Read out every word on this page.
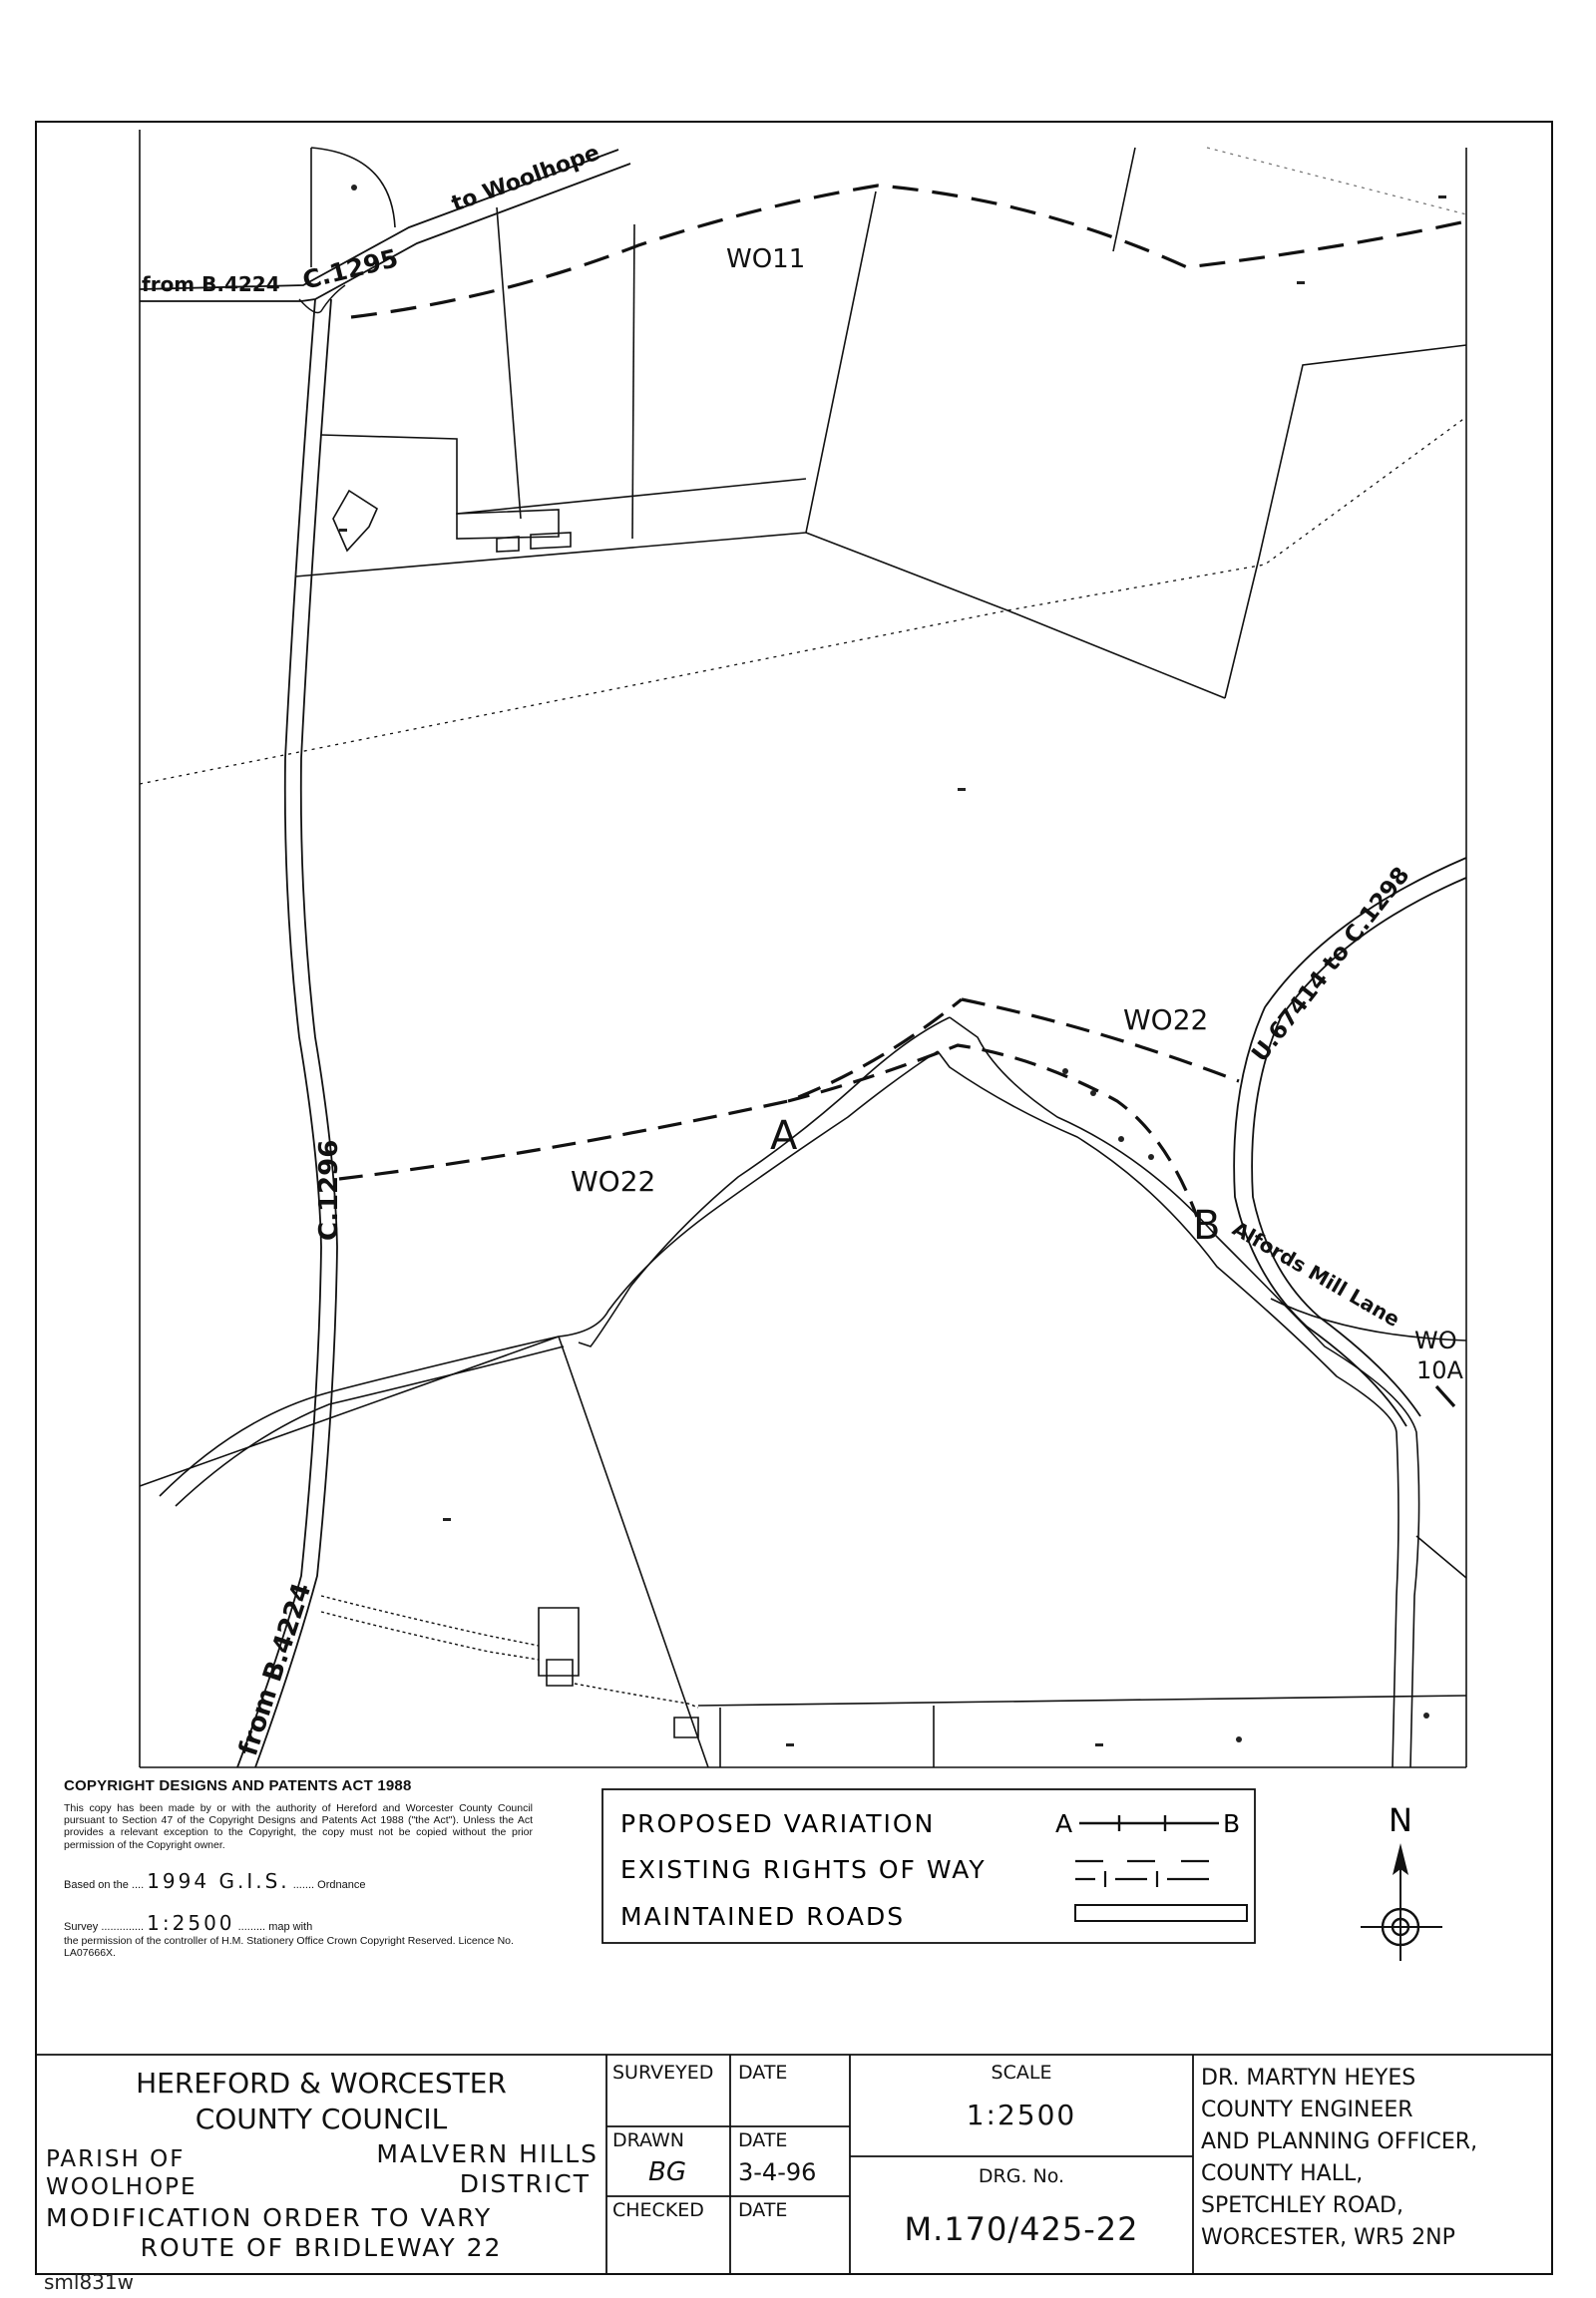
from B.4224 C.1295
to Woolhope
WO11
C.1296
from B.4224
WO22
WO22 U.67414 to C.1298
Alfords Mill Lane
WO
10A
A
B
PROPOSED VARIATION	A	B
EXISTING RIGHTS OF WAY
MAINTAINED ROADS
N
HEREFORD & WORCESTER
COUNTY COUNCIL
PARISH OF	MALVERN HILLS
WOOLHOPE	DISTRICT
MODIFICATION ORDER TO VARY
ROUTE OF BRIDLEWAY 22
SURVEYED DATE
DRAWN	DATE
BG 3-4-96
CHECKED DATE
SCALE
1:2500
DRG. No.
M.170/425-22
DR. MARTYN HEYES
COUNTY ENGINEER
AND PLANNING OFFICER,
COUNTY HALL,
SPETCHLEY ROAD,
WORCESTER, WR5 2NP

COPYRIGHT DESIGNS AND PATENTS ACT 1988

This copy has been made by or with the authority of Hereford and Worcester County Council pursuant to Section 47 of the Copyright Designs and Patents Act 1988 ("the Act"). Unless the Act provides a relevant exception to the Copyright, the copy must not be copied without the prior permission of the Copyright owner.

Based on the .... 1994 G.I.S. ....... Ordnance
Survey .............. 1:2500 ......... map with

the permission of the controller of H.M. Stationery Office Crown Copyright Reserved. Licence No. LA07666X.

sml831w
